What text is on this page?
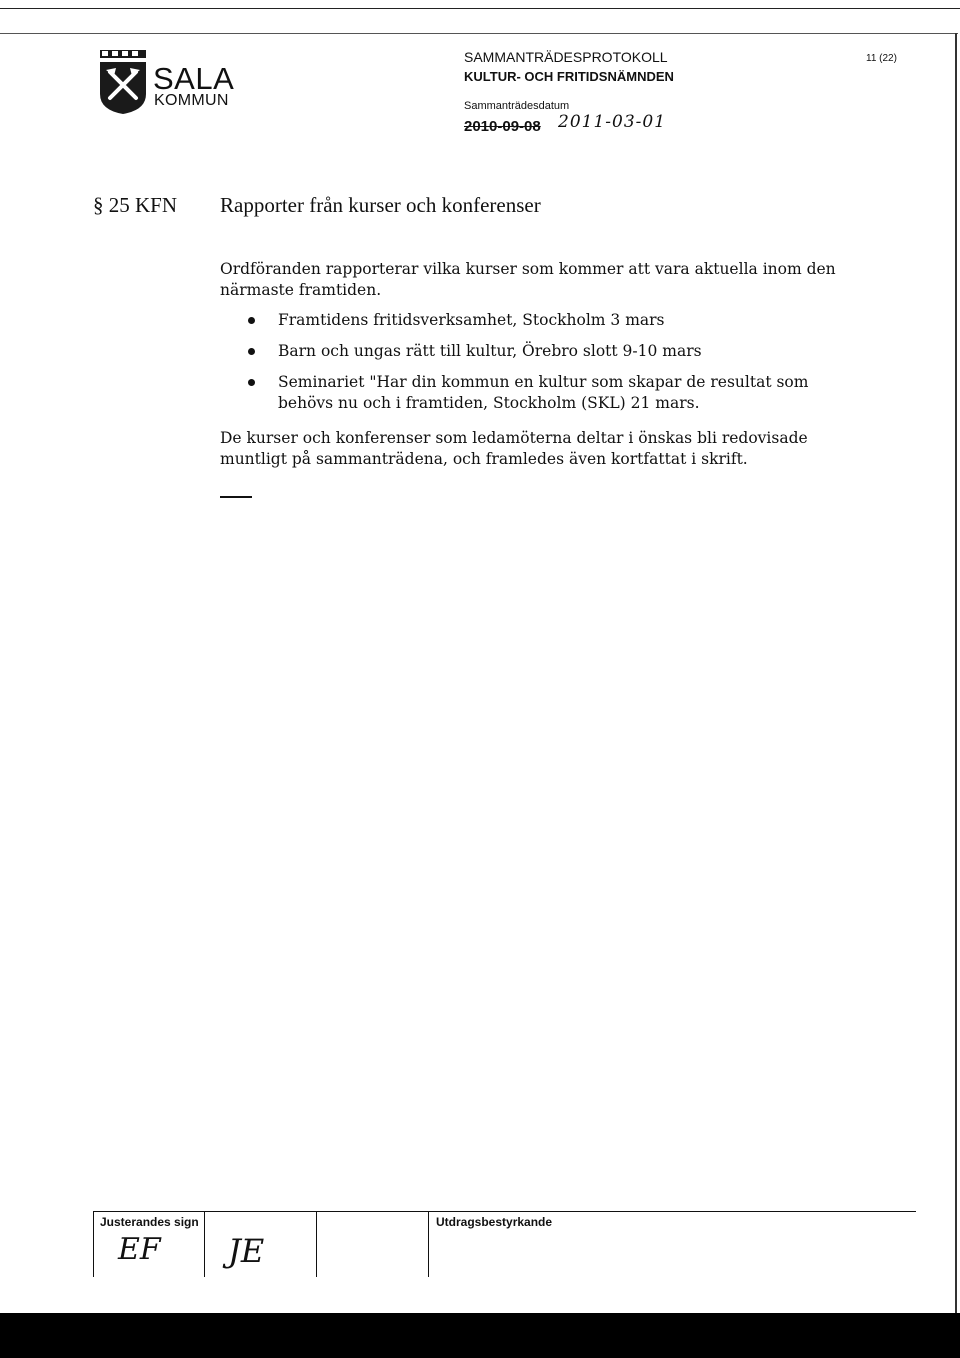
SALA
KOMMUN
SAMMANTRÄDESPROTOKOLL
KULTUR- OCH FRITIDSNÄMNDEN
11 (22)
Sammanträdesdatum
2010-09-08 2011-03-01
§ 25 KFN Rapporter från kurser och konferenser
Ordföranden rapporterar vilka kurser som kommer att vara aktuella inom den närmaste framtiden.
Framtidens fritidsverksamhet, Stockholm 3 mars
Barn och ungas rätt till kultur, Örebro slott 9-10 mars
Seminariet "Har din kommun en kultur som skapar de resultat som behövs nu och i framtiden, Stockholm (SKL) 21 mars.
De kurser och konferenser som ledamöterna deltar i önskas bli redovisade muntligt på sammanträdena, och framledes även kortfattat i skrift.
Justerandes sign
EF JE
Utdragsbestyrkande
